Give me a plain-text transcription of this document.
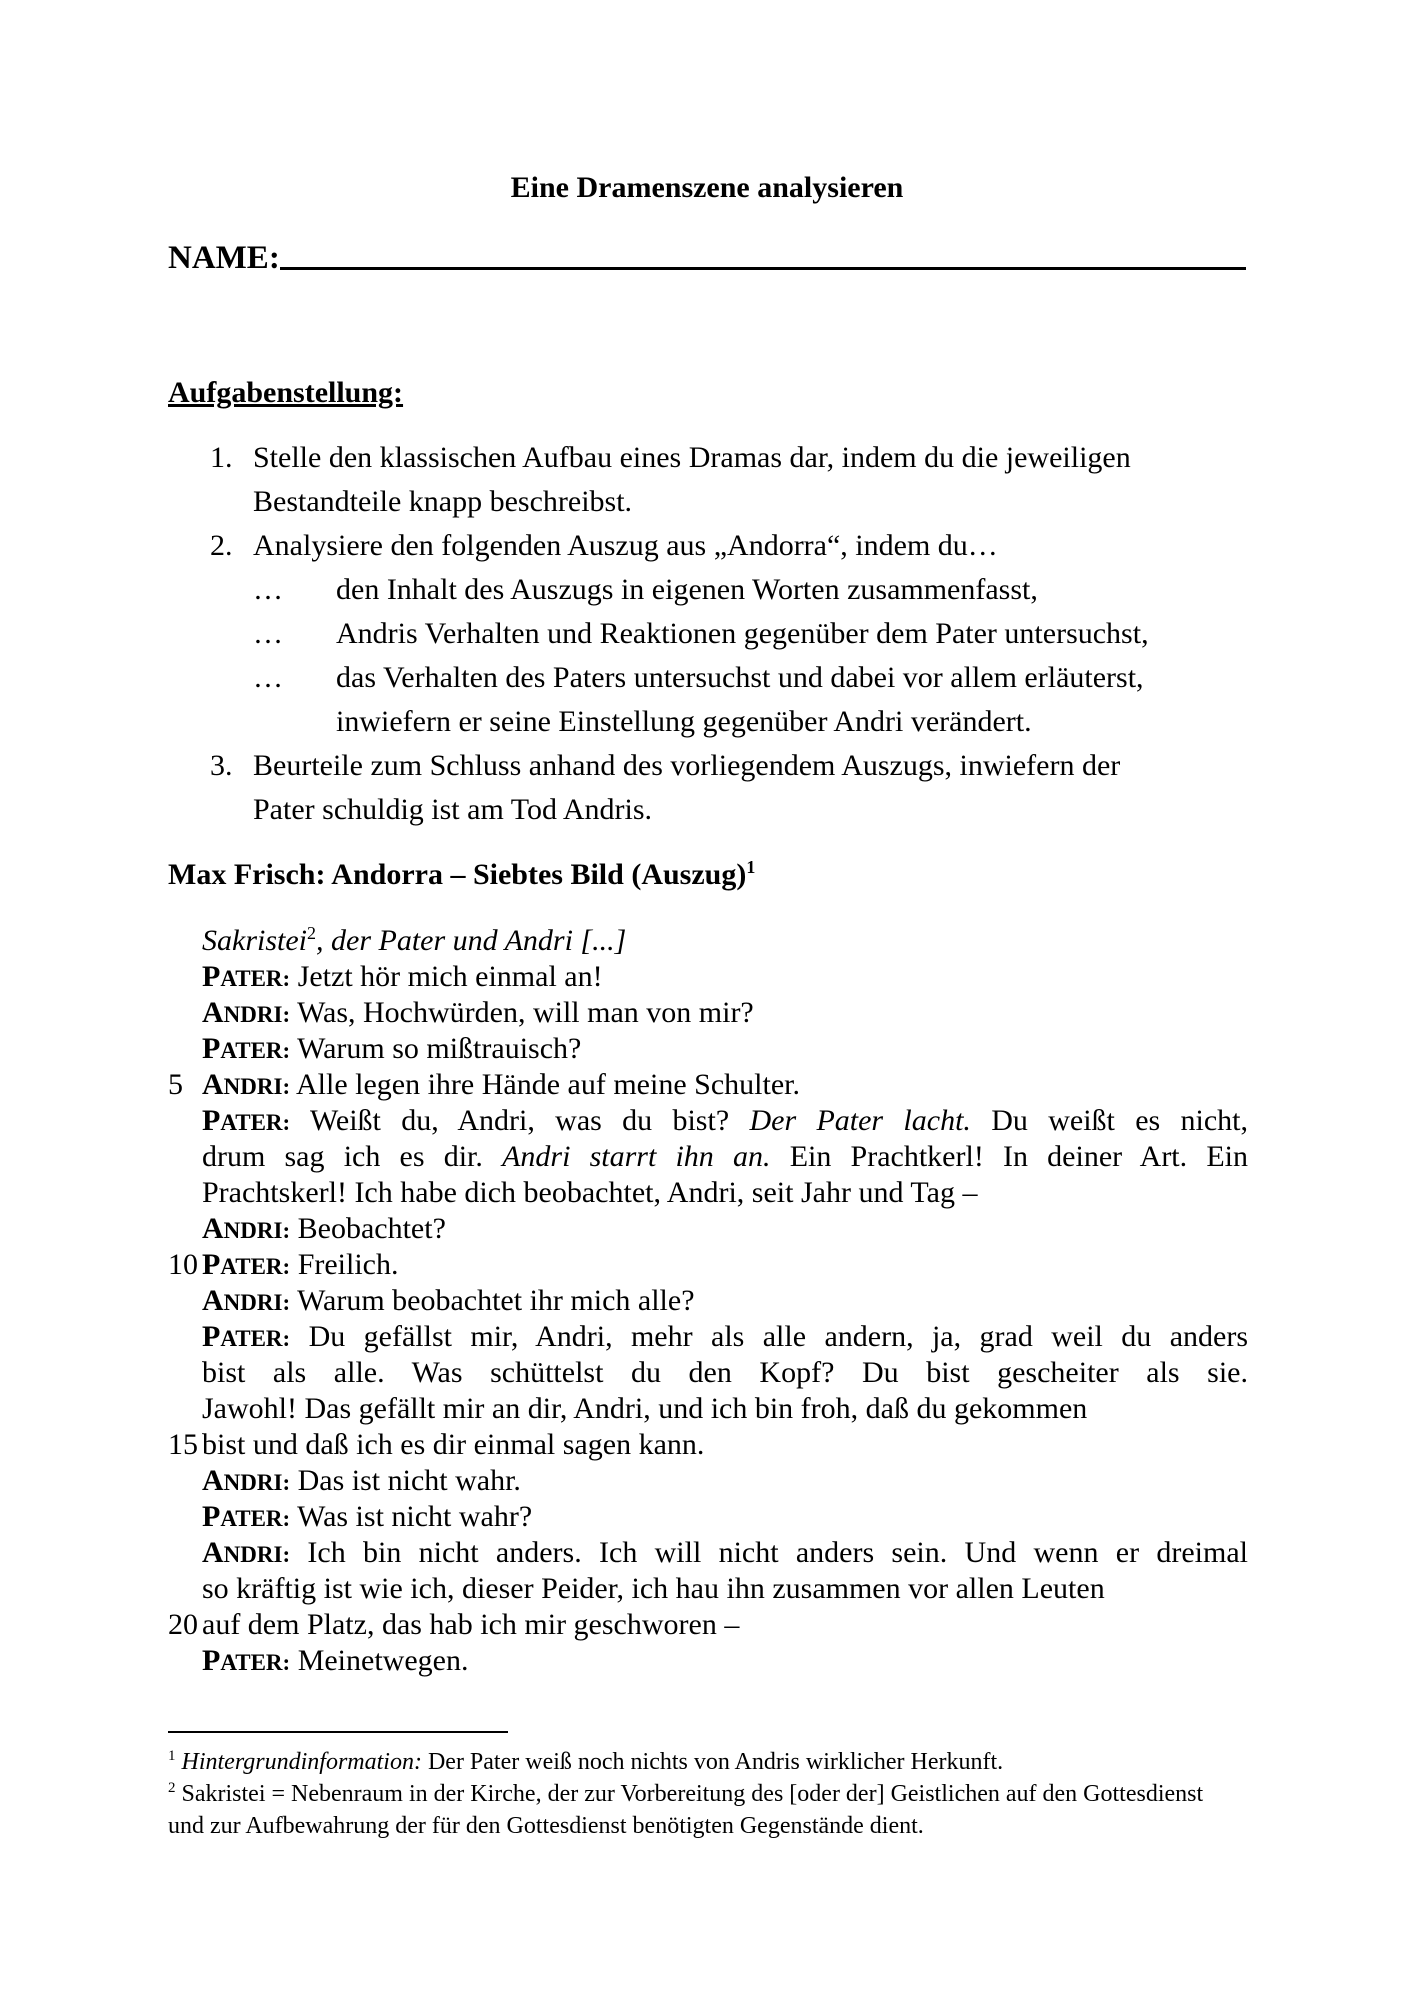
Eine Dramenszene analysieren
NAME:
Aufgabenstellung:
1. Stelle den klassischen Aufbau eines Dramas dar, indem du die jeweiligen
Bestandteile knapp beschreibst.
2. Analysiere den folgenden Auszug aus „Andorra“, indem du…
… den Inhalt des Auszugs in eigenen Worten zusammenfasst,
… Andris Verhalten und Reaktionen gegenüber dem Pater untersuchst,
… das Verhalten des Paters untersuchst und dabei vor allem erläuterst,
inwiefern er seine Einstellung gegenüber Andri verändert.
3. Beurteile zum Schluss anhand des vorliegendem Auszugs, inwiefern der
Pater schuldig ist am Tod Andris.
Max Frisch: Andorra – Siebtes Bild (Auszug)$^1$
Sakristei$^2$, der Pater und Andri [...]
PATER: Jetzt hör mich einmal an!
ANDRI: Was, Hochwürden, will man von mir?
PATER: Warum so mißtrauisch?
5 ANDRI: Alle legen ihre Hände auf meine Schulter.
PATER: Weißt du, Andri, was du bist? Der Pater lacht. Du weißt es nicht,
drum sag ich es dir. Andri starrt ihn an. Ein Prachtkerl! In deiner Art. Ein
Prachtskerl! Ich habe dich beobachtet, Andri, seit Jahr und Tag –
ANDRI: Beobachtet?
10 PATER: Freilich.
ANDRI: Warum beobachtet ihr mich alle?
PATER: Du gefällst mir, Andri, mehr als alle andern, ja, grad weil du anders
bist als alle. Was schüttelst du den Kopf? Du bist gescheiter als sie.
Jawohl! Das gefällt mir an dir, Andri, und ich bin froh, daß du gekommen
15 bist und daß ich es dir einmal sagen kann.
ANDRI: Das ist nicht wahr.
PATER: Was ist nicht wahr?
ANDRI: Ich bin nicht anders. Ich will nicht anders sein. Und wenn er dreimal
so kräftig ist wie ich, dieser Peider, ich hau ihn zusammen vor allen Leuten
20 auf dem Platz, das hab ich mir geschworen –
PATER: Meinetwegen.
$^1$ Hintergrundinformation: Der Pater weiß noch nichts von Andris wirklicher Herkunft.
$^2$ Sakristei = Nebenraum in der Kirche, der zur Vorbereitung des [oder der] Geistlichen auf den Gottesdienst und zur Aufbewahrung der für den Gottesdienst benötigten Gegenstände dient.
